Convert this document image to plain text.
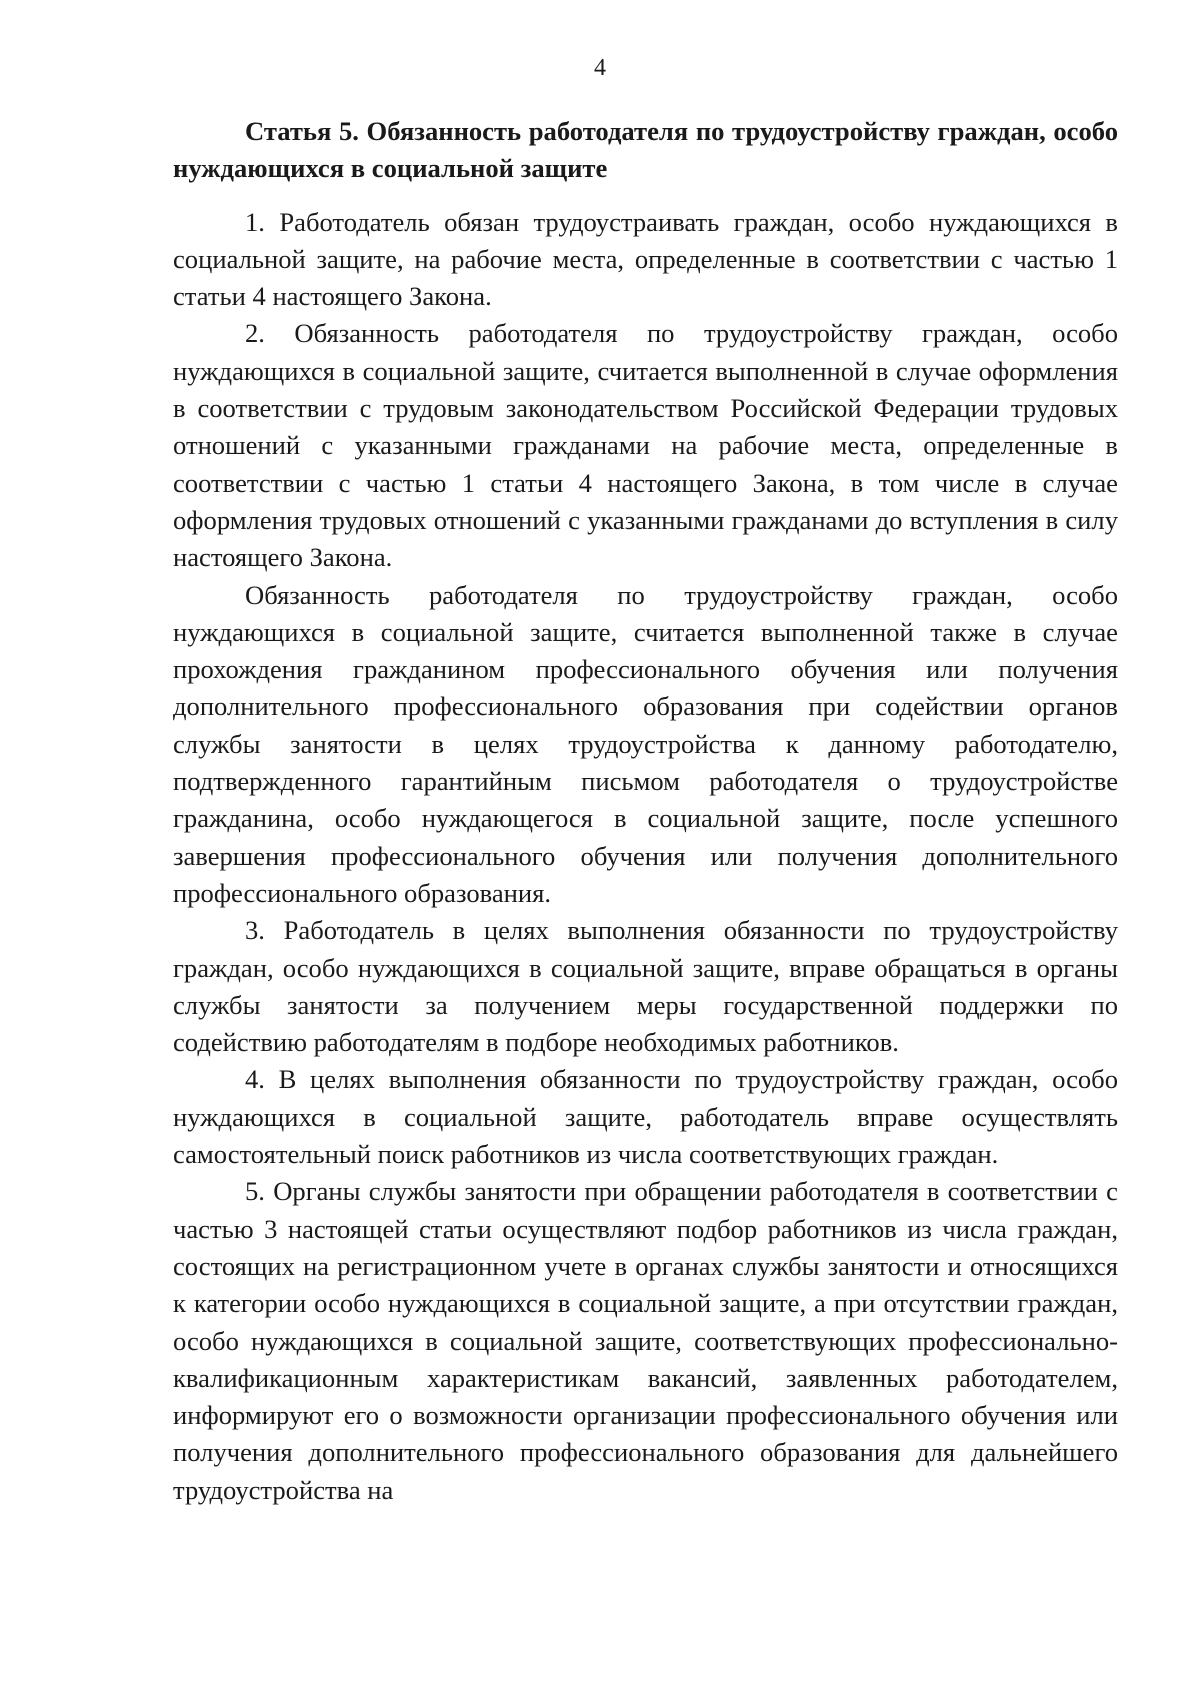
4

Статья 5. Обязанность работодателя по трудоустройству граждан, особо нуждающихся в социальной защите

1. Работодатель обязан трудоустраивать граждан, особо нуждающихся в социальной защите, на рабочие места, определенные в соответствии с частью 1 статьи 4 настоящего Закона.

2. Обязанность работодателя по трудоустройству граждан, особо нуждающихся в социальной защите, считается выполненной в случае оформления в соответствии с трудовым законодательством Российской Федерации трудовых отношений с указанными гражданами на рабочие места, определенные в соответствии с частью 1 статьи 4 настоящего Закона, в том числе в случае оформления трудовых отношений с указанными гражданами до вступления в силу настоящего Закона.

Обязанность работодателя по трудоустройству граждан, особо нуждающихся в социальной защите, считается выполненной также в случае прохождения гражданином профессионального обучения или получения дополнительного профессионального образования при содействии органов службы занятости в целях трудоустройства к данному работодателю, подтвержденного гарантийным письмом работодателя о трудоустройстве гражданина, особо нуждающегося в социальной защите, после успешного завершения профессионального обучения или получения дополнительного профессионального образования.

3. Работодатель в целях выполнения обязанности по трудоустройству граждан, особо нуждающихся в социальной защите, вправе обращаться в органы службы занятости за получением меры государственной поддержки по содействию работодателям в подборе необходимых работников.

4. В целях выполнения обязанности по трудоустройству граждан, особо нуждающихся в социальной защите, работодатель вправе осуществлять самостоятельный поиск работников из числа соответствующих граждан.

5. Органы службы занятости при обращении работодателя в соответствии с частью 3 настоящей статьи осуществляют подбор работников из числа граждан, состоящих на регистрационном учете в органах службы занятости и относящихся к категории особо нуждающихся в социальной защите, а при отсутствии граждан, особо нуждающихся в социальной защите, соответствующих профессионально-квалификационным характеристикам вакансий, заявленных работодателем, информируют его о возможности организации профессионального обучения или получения дополнительного профессионального образования для дальнейшего трудоустройства на
